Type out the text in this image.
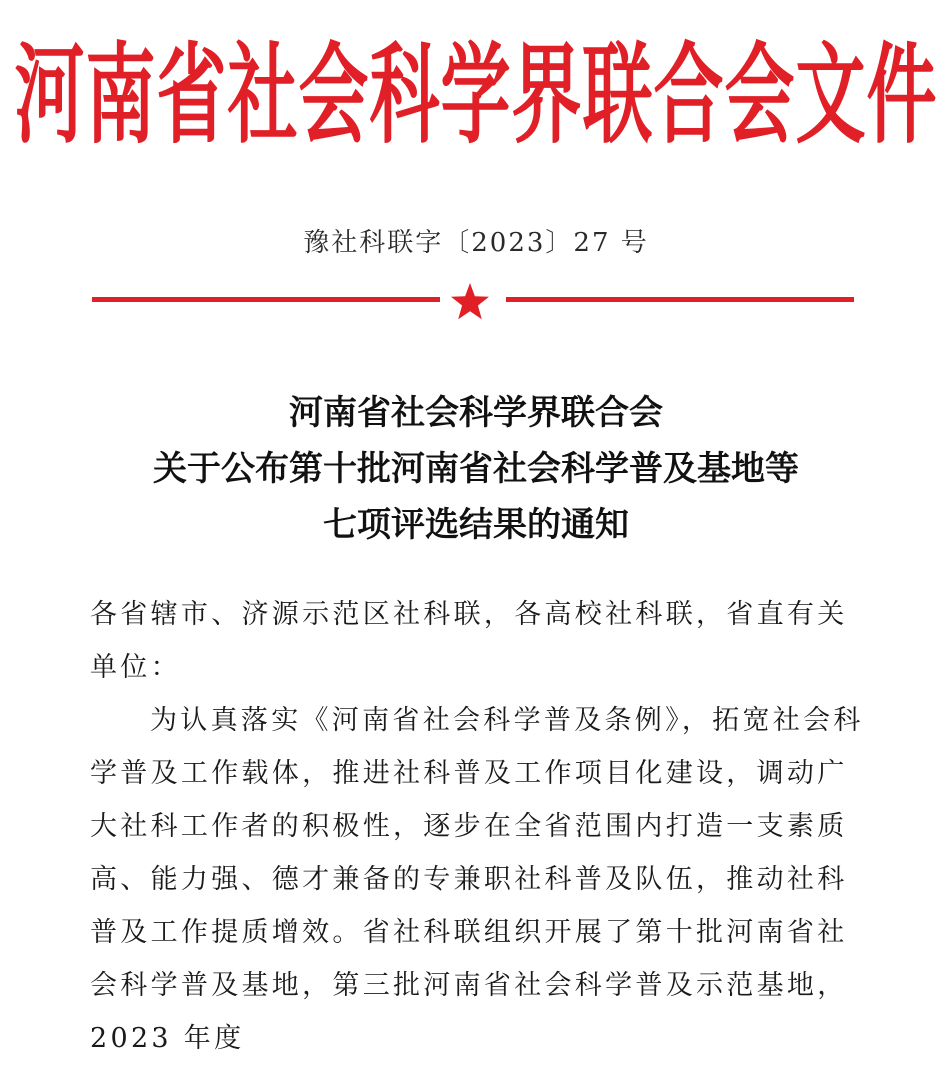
河南省社会科学界联合会文件
豫社科联字〔2023〕27 号
河南省社会科学界联合会
关于公布第十批河南省社会科学普及基地等
七项评选结果的通知

各省辖市、济源示范区社科联，各高校社科联，省直有关单位：

为认真落实《河南省社会科学普及条例》，拓宽社会科学普及工作载体，推进社科普及工作项目化建设，调动广大社科工作者的积极性，逐步在全省范围内打造一支素质高、能力强、德才兼备的专兼职社科普及队伍，推动社科普及工作提质增效。省社科联组织开展了第十批河南省社会科学普及基地，第三批河南省社会科学普及示范基地，2023 年度
